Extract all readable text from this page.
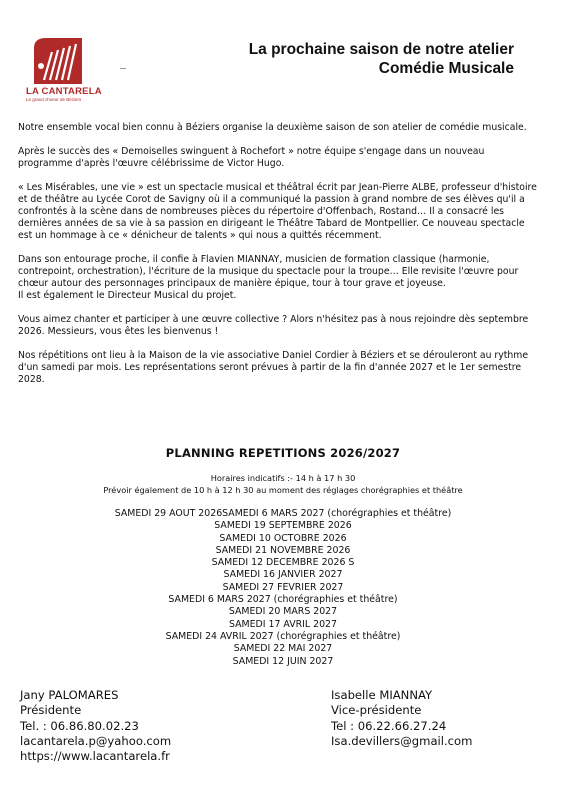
LA CANTARELA
Le grand choeur de Béziers
La prochaine saison de notre atelier
Comédie Musicale

Notre ensemble vocal bien connu à Béziers organise la deuxième saison de son atelier de comédie musicale.

Après le succès des « Demoiselles swinguent à Rochefort » notre équipe s'engage dans un nouveau programme d'après l'œuvre célébrissime de Victor Hugo.

« Les Misérables, une vie » est un spectacle musical et théâtral écrit par Jean-Pierre ALBE, professeur d'histoire et de théâtre au Lycée Corot de Savigny où il a communiqué la passion à grand nombre de ses élèves qu'il a confrontés à la scène dans de nombreuses pièces du répertoire d'Offenbach, Rostand… Il a consacré les dernières années de sa vie à sa passion en dirigeant le Théâtre Tabard de Montpellier. Ce nouveau spectacle est un hommage à ce « dénicheur de talents » qui nous a quittés récemment.

Dans son entourage proche, il confie à Flavien MIANNAY, musicien de formation classique (harmonie, contrepoint, orchestration), l'écriture de la musique du spectacle pour la troupe… Elle revisite l'œuvre pour chœur autour des personnages principaux de manière épique, tour à tour grave et joyeuse.
Il est également le Directeur Musical du projet.

Vous aimez chanter et participer à une œuvre collective ? Alors n'hésitez pas à nous rejoindre dès septembre 2026. Messieurs, vous êtes les bienvenus !

Nos répétitions ont lieu à la Maison de la vie associative Daniel Cordier à Béziers et se dérouleront au rythme d'un samedi par mois. Les représentations seront prévues à partir de la fin d'année 2027 et le 1er semestre 2028.

PLANNING REPETITIONS 2026/2027
Horaires indicatifs :- 14 h à 17 h 30
Prévoir également de 10 h à 12 h 30 au moment des réglages chorégraphies et théâtre
SAMEDI 29 AOUT 2026SAMEDI 6 MARS 2027 (chorégraphies et théâtre)
SAMEDI 19 SEPTEMBRE 2026
SAMEDI 10 OCTOBRE 2026
SAMEDI 21 NOVEMBRE 2026
SAMEDI 12 DECEMBRE 2026 S
SAMEDI 16 JANVIER 2027
SAMEDI 27 FEVRIER 2027
SAMEDI 6 MARS 2027 (chorégraphies et théâtre)
SAMEDI 20 MARS 2027
SAMEDI 17 AVRIL 2027
SAMEDI 24 AVRIL 2027 (chorégraphies et théâtre)
SAMEDI 22 MAI 2027
SAMEDI 12 JUIN 2027
Jany PALOMARES
Présidente
Tel. : 06.86.80.02.23
lacantarela.p@yahoo.com
https://www.lacantarela.fr
Isabelle MIANNAY
Vice-présidente
Tel : 06.22.66.27.24
Isa.devillers@gmail.com
